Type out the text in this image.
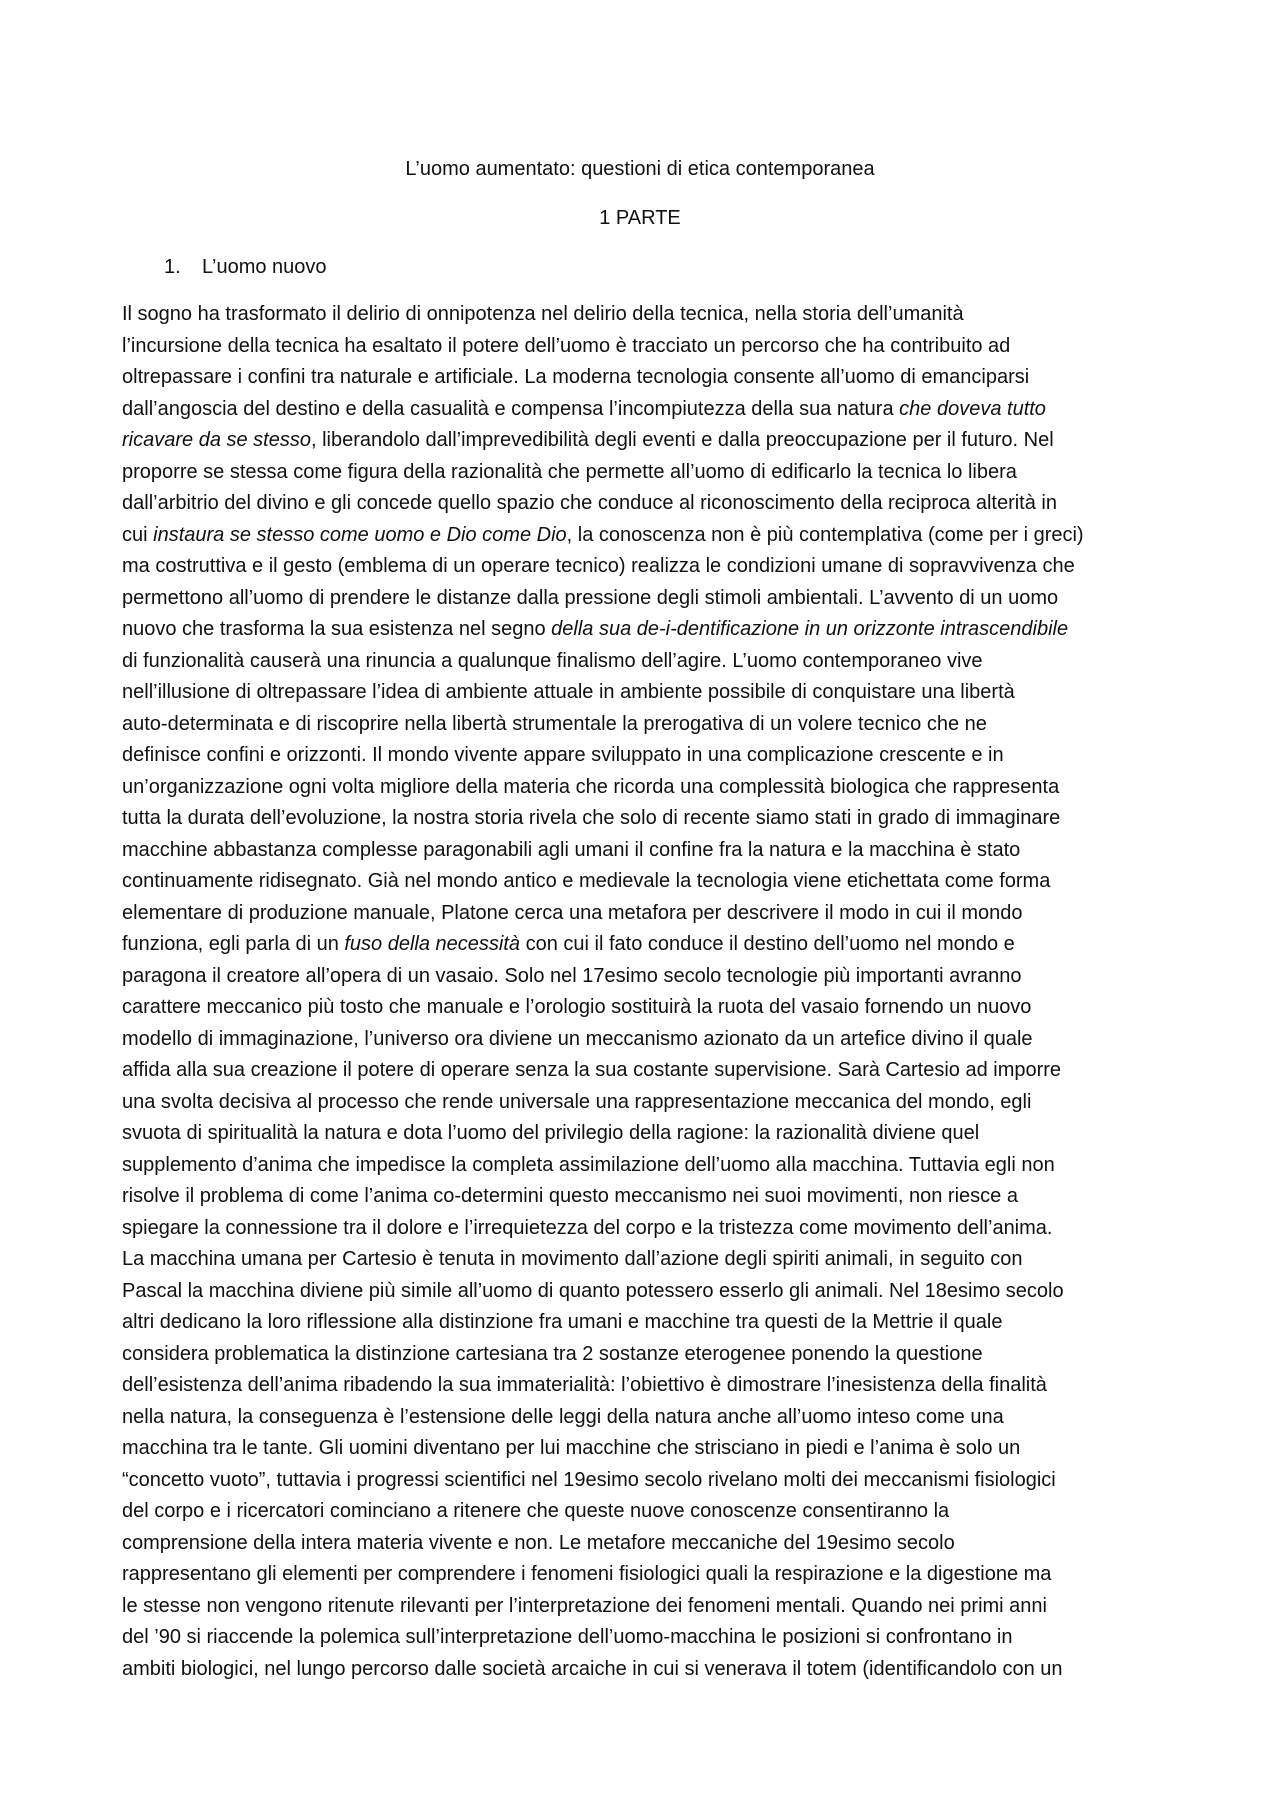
L’uomo aumentato: questioni di etica contemporanea
1 PARTE
1. L’uomo nuovo
Il sogno ha trasformato il delirio di onnipotenza nel delirio della tecnica, nella storia dell’umanità
l’incursione della tecnica ha esaltato il potere dell’uomo è tracciato un percorso che ha contribuito ad
oltrepassare i confini tra naturale e artificiale. La moderna tecnologia consente all’uomo di emanciparsi
dall’angoscia del destino e della casualità e compensa l’incompiutezza della sua natura che doveva tutto
ricavare da se stesso, liberandolo dall’imprevedibilità degli eventi e dalla preoccupazione per il futuro. Nel
proporre se stessa come figura della razionalità che permette all’uomo di edificarlo la tecnica lo libera
dall’arbitrio del divino e gli concede quello spazio che conduce al riconoscimento della reciproca alterità in
cui instaura se stesso come uomo e Dio come Dio, la conoscenza non è più contemplativa (come per i greci)
ma costruttiva e il gesto (emblema di un operare tecnico) realizza le condizioni umane di sopravvivenza che
permettono all’uomo di prendere le distanze dalla pressione degli stimoli ambientali. L’avvento di un uomo
nuovo che trasforma la sua esistenza nel segno della sua de-i-dentificazione in un orizzonte intrascendibile
di funzionalità causerà una rinuncia a qualunque finalismo dell’agire. L’uomo contemporaneo vive
nell’illusione di oltrepassare l’idea di ambiente attuale in ambiente possibile di conquistare una libertà
auto-determinata e di riscoprire nella libertà strumentale la prerogativa di un volere tecnico che ne
definisce confini e orizzonti. Il mondo vivente appare sviluppato in una complicazione crescente e in
un’organizzazione ogni volta migliore della materia che ricorda una complessità biologica che rappresenta
tutta la durata dell’evoluzione, la nostra storia rivela che solo di recente siamo stati in grado di immaginare
macchine abbastanza complesse paragonabili agli umani il confine fra la natura e la macchina è stato
continuamente ridisegnato. Già nel mondo antico e medievale la tecnologia viene etichettata come forma
elementare di produzione manuale, Platone cerca una metafora per descrivere il modo in cui il mondo
funziona, egli parla di un fuso della necessità con cui il fato conduce il destino dell’uomo nel mondo e
paragona il creatore all’opera di un vasaio. Solo nel 17esimo secolo tecnologie più importanti avranno
carattere meccanico più tosto che manuale e l’orologio sostituirà la ruota del vasaio fornendo un nuovo
modello di immaginazione, l’universo ora diviene un meccanismo azionato da un artefice divino il quale
affida alla sua creazione il potere di operare senza la sua costante supervisione. Sarà Cartesio ad imporre
una svolta decisiva al processo che rende universale una rappresentazione meccanica del mondo, egli
svuota di spiritualità la natura e dota l’uomo del privilegio della ragione: la razionalità diviene quel
supplemento d’anima che impedisce la completa assimilazione dell’uomo alla macchina. Tuttavia egli non
risolve il problema di come l’anima co-determini questo meccanismo nei suoi movimenti, non riesce a
spiegare la connessione tra il dolore e l’irrequietezza del corpo e la tristezza come movimento dell’anima.
La macchina umana per Cartesio è tenuta in movimento dall’azione degli spiriti animali, in seguito con
Pascal la macchina diviene più simile all’uomo di quanto potessero esserlo gli animali. Nel 18esimo secolo
altri dedicano la loro riflessione alla distinzione fra umani e macchine tra questi de la Mettrie il quale
considera problematica la distinzione cartesiana tra 2 sostanze eterogenee ponendo la questione
dell’esistenza dell’anima ribadendo la sua immaterialità: l’obiettivo è dimostrare l’inesistenza della finalità
nella natura, la conseguenza è l’estensione delle leggi della natura anche all’uomo inteso come una
macchina tra le tante. Gli uomini diventano per lui macchine che strisciano in piedi e l’anima è solo un
“concetto vuoto”, tuttavia i progressi scientifici nel 19esimo secolo rivelano molti dei meccanismi fisiologici
del corpo e i ricercatori cominciano a ritenere che queste nuove conoscenze consentiranno la
comprensione della intera materia vivente e non. Le metafore meccaniche del 19esimo secolo
rappresentano gli elementi per comprendere i fenomeni fisiologici quali la respirazione e la digestione ma
le stesse non vengono ritenute rilevanti per l’interpretazione dei fenomeni mentali. Quando nei primi anni
del ’90 si riaccende la polemica sull’interpretazione dell’uomo-macchina le posizioni si confrontano in
ambiti biologici, nel lungo percorso dalle società arcaiche in cui si venerava il totem (identificandolo con un
